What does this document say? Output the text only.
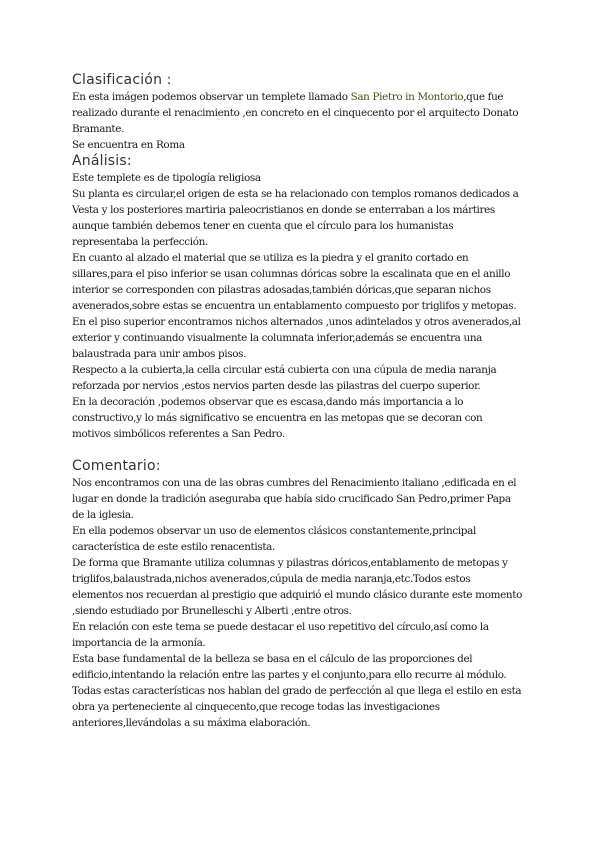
Clasificación :

En esta imágen podemos observar un templete llamado San Pietro in Montorio,que fue realizado durante el renacimiento ,en concreto en el cinquecento por el arquitecto Donato Bramante.

Se encuentra en Roma

Análisis:

Este templete es de tipología religiosa

Su planta es circular,el origen de esta se ha relacionado con templos romanos dedicados a Vesta y los posteriores martiria paleocristianos en donde se enterraban a los mártires aunque también debemos tener en cuenta que el círculo para los humanistas representaba la perfección.

En cuanto al alzado el material que se utiliza es la piedra y el granito cortado en sillares,para el piso inferior se usan columnas dóricas sobre la escalinata que en el anillo interior se corresponden con pilastras adosadas,también dóricas,que separan nichos avenerados,sobre estas se encuentra un entablamento compuesto por triglifos y metopas.

En el piso superior encontramos nichos alternados ,unos adintelados y otros avenerados,al exterior y continuando visualmente la columnata inferior,además se encuentra una balaustrada para unir ambos pisos.

Respecto a la cubierta,la cella circular está cubierta con una cúpula de media naranja reforzada por nervios ,estos nervios parten desde las pilastras del cuerpo superior.

En la decoración ,podemos observar que es escasa,dando más importancia a lo constructivo,y lo más significativo se encuentra en las metopas que se decoran con motivos simbólicos referentes a San Pedro.

Comentario:

Nos encontramos con una de las obras cumbres del Renacimiento italiano ,edificada en el lugar en donde la tradición aseguraba que había sido crucificado San Pedro,primer Papa de la iglesia.

En ella podemos observar un uso de elementos clásicos constantemente,principal característica de este estilo renacentista.

De forma que Bramante utiliza columnas y pilastras dóricos,entablamento de metopas y triglifos,balaustrada,nichos avenerados,cúpula de media naranja,etc.Todos estos elementos nos recuerdan al prestigio que adquirió el mundo clásico durante este momento ,siendo estudiado por Brunelleschi y Alberti ,entre otros.

En relación con este tema se puede destacar el uso repetitivo del círculo,así como la importancia de la armonía.

Esta base fundamental de la belleza se basa en el cálculo de las proporciones del edificio,intentando la relación entre las partes y el conjunto,para ello recurre al módulo.

Todas estas características nos hablan del grado de perfección al que llega el estilo en esta obra ya perteneciente al cinquecento,que recoge todas las investigaciones anteriores,llevándolas a su máxima elaboración.
